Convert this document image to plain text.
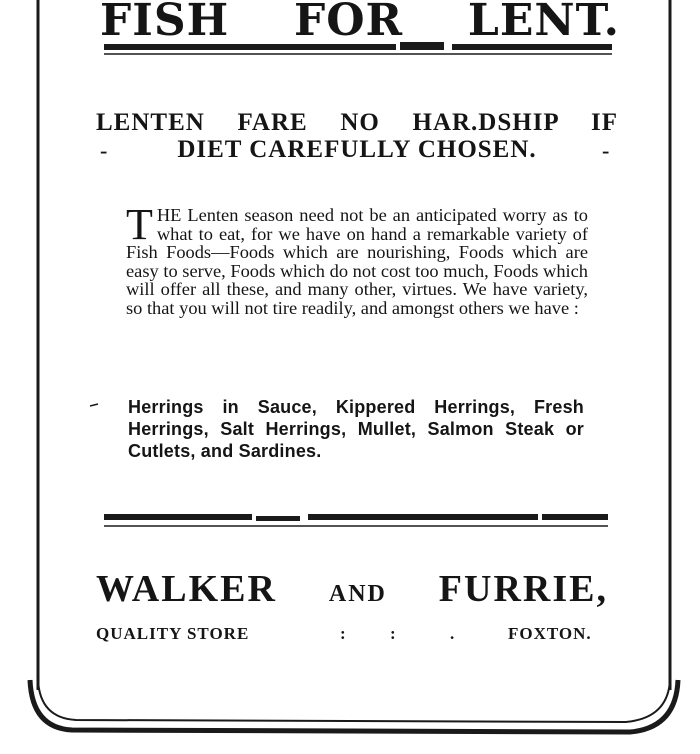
FISH FOR LENT.
LENTEN FARE NO HAR.DSHIP IF
-	DIET CAREFULLY CHOSEN.	-
T HE Lenten season need not be an anticipated worry as to what to eat, for we have on hand a remarkable variety of Fish Foods—Foods which are nourishing, Foods which are easy to serve, Foods which do not cost too much, Foods which will offer all these, and many other, virtues. We have variety, so that you will not tire readily, and amongst others we have :
Herrings in Sauce, Kippered Herrings, Fresh Herrings, Salt Herrings, Mullet, Salmon Steak or Cutlets, and Sardines.
WALKER AND FURRIE,
QUALITY STORE	:	:	.	FOXTON.
